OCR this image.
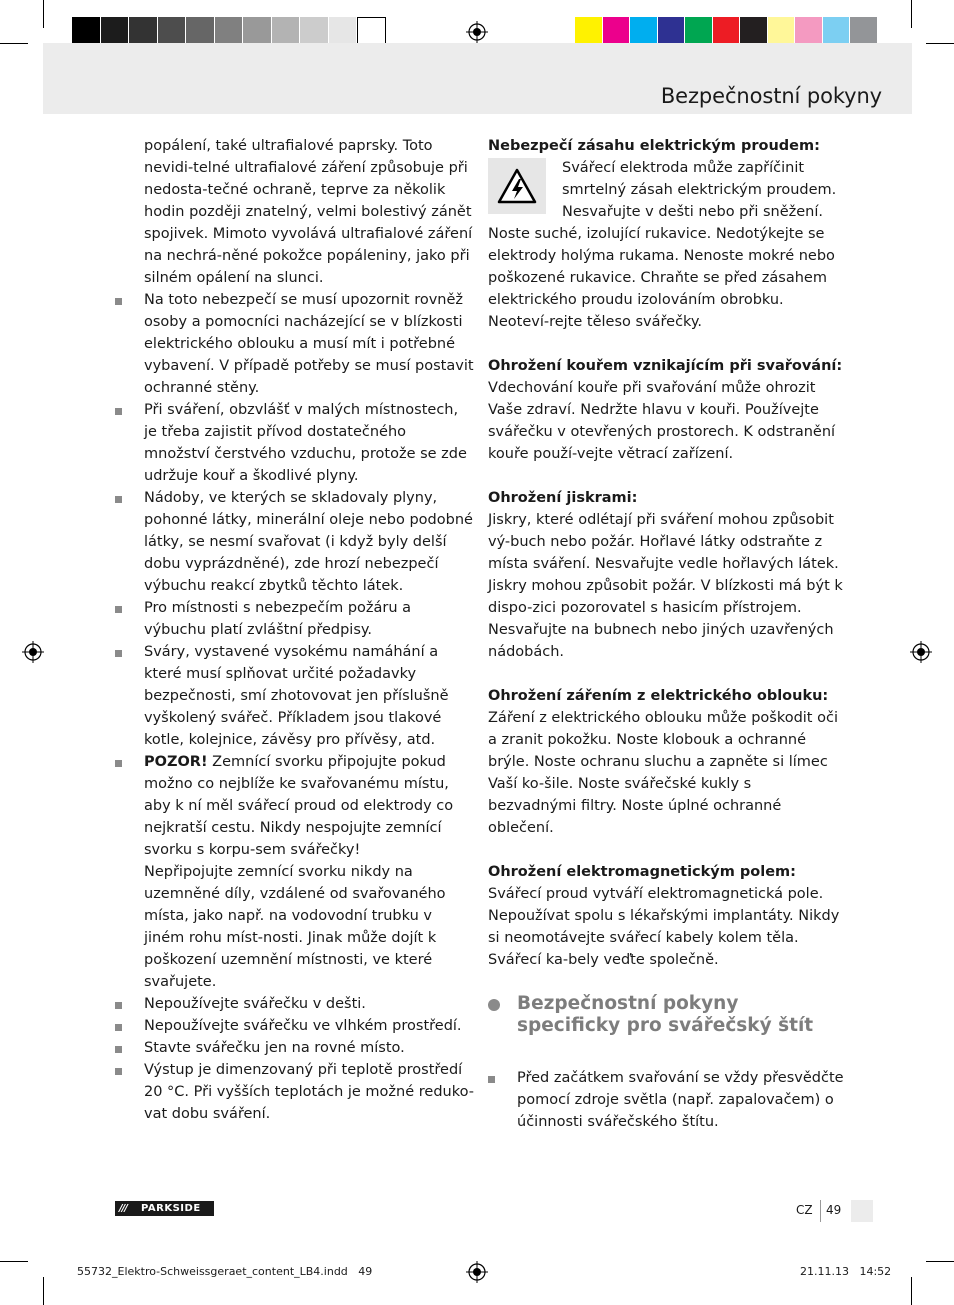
Bezpečnostní pokyny

popálení, také ultrafialové paprsky. Toto nevidi-telné ultrafialové záření způsobuje při nedosta-tečné ochraně, teprve za několik hodin později znatelný, velmi bolestivý zánět spojivek. Mimoto vyvolává ultrafialové záření na nechrá-něné pokožce popáleniny, jako při silném opálení na slunci.

Na toto nebezpečí se musí upozornit rovněž osoby a pomocníci nacházející se v blízkosti elektrického oblouku a musí mít i potřebné vybavení. V případě potřeby se musí postavit ochranné stěny.
Při sváření, obzvlášť v malých místnostech, je třeba zajistit přívod dostatečného množství čerstvého vzduchu, protože se zde udržuje kouř a škodlivé plyny.
Nádoby, ve kterých se skladovaly plyny, pohonné látky, minerální oleje nebo podobné látky, se nesmí svařovat (i když byly delší dobu vyprázdněné), zde hrozí nebezpečí výbuchu reakcí zbytků těchto látek.
Pro místnosti s nebezpečím požáru a výbuchu platí zvláštní předpisy.
Sváry, vystavené vysokému namáhání a které musí splňovat určité požadavky bezpečnosti, smí zhotovovat jen příslušně vyškolený svářeč. Příkladem jsou tlakové kotle, kolejnice, závěsy pro přívěsy, atd.
POZOR! Zemnící svorku připojujte pokud možno co nejblíže ke svařovanému místu, aby k ní měl svářecí proud od elektrody co nejkratší cestu. Nikdy nespojujte zemnící svorku s korpu-sem svářečky!
Nepřipojujte zemnící svorku nikdy na uzemněné díly, vzdálené od svařovaného místa, jako např. na vodovodní trubku v jiném rohu míst-nosti. Jinak může dojít k poškození uzemnění místnosti, ve které svařujete.
Nepoužívejte svářečku v dešti.
Nepoužívejte svářečku ve vlhkém prostředí.
Stavte svářečku jen na rovné místo.
Výstup je dimenzovaný při teplotě prostředí 20 °C. Při vyšších teplotách je možné reduko-vat dobu sváření.
Nebezpečí zásahu elektrickým proudem:
Svářecí elektroda může zapříčinit smrtelný zásah elektrickým proudem. Nesvařujte v dešti nebo při sněžení. Noste suché, izolující rukavice. Nedotýkejte se elektrody holýma rukama. Nenoste mokré nebo poškozené rukavice. Chraňte se před zásahem elektrického proudu izolováním obrobku. Neoteví-rejte těleso svářečky.
Ohrožení kouřem vznikajícím při svařování:
Vdechování kouře při svařování může ohrozit Vaše zdraví. Nedržte hlavu v kouři. Používejte svářečku v otevřených prostorech. K odstranění kouře použí-vejte větrací zařízení.
Ohrožení jiskrami:
Jiskry, které odlétají při sváření mohou způsobit vý-buch nebo požár. Hořlavé látky odstraňte z místa sváření. Nesvařujte vedle hořlavých látek. Jiskry mohou způsobit požár. V blízkosti má být k dispo-zici pozorovatel s hasicím přístrojem. Nesvařujte na bubnech nebo jiných uzavřených nádobách.
Ohrožení zářením z elektrického oblouku:
Záření z elektrického oblouku může poškodit oči a zranit pokožku. Noste klobouk a ochranné brýle. Noste ochranu sluchu a zapněte si límec Vaší ko-šile. Noste svářečské kukly s bezvadnými filtry. Noste úplné ochranné oblečení.
Ohrožení elektromagnetickým polem:
Svářecí proud vytváří elektromagnetická pole. Nepoužívat spolu s lékařskými implantáty. Nikdy si neomotávejte svářecí kabely kolem těla. Svářecí ka-bely veďte společně.
Bezpečnostní pokyny specificky pro svářečský štít
Před začátkem svařování se vždy přesvědčte pomocí zdroje světla (např. zapalovačem) o účinnosti svářečského štítu.
/// PARKSIDE	CZ 49
55732_Elektro-Schweissgeraet_content_LB4.indd   49	21.11.13   14:52
